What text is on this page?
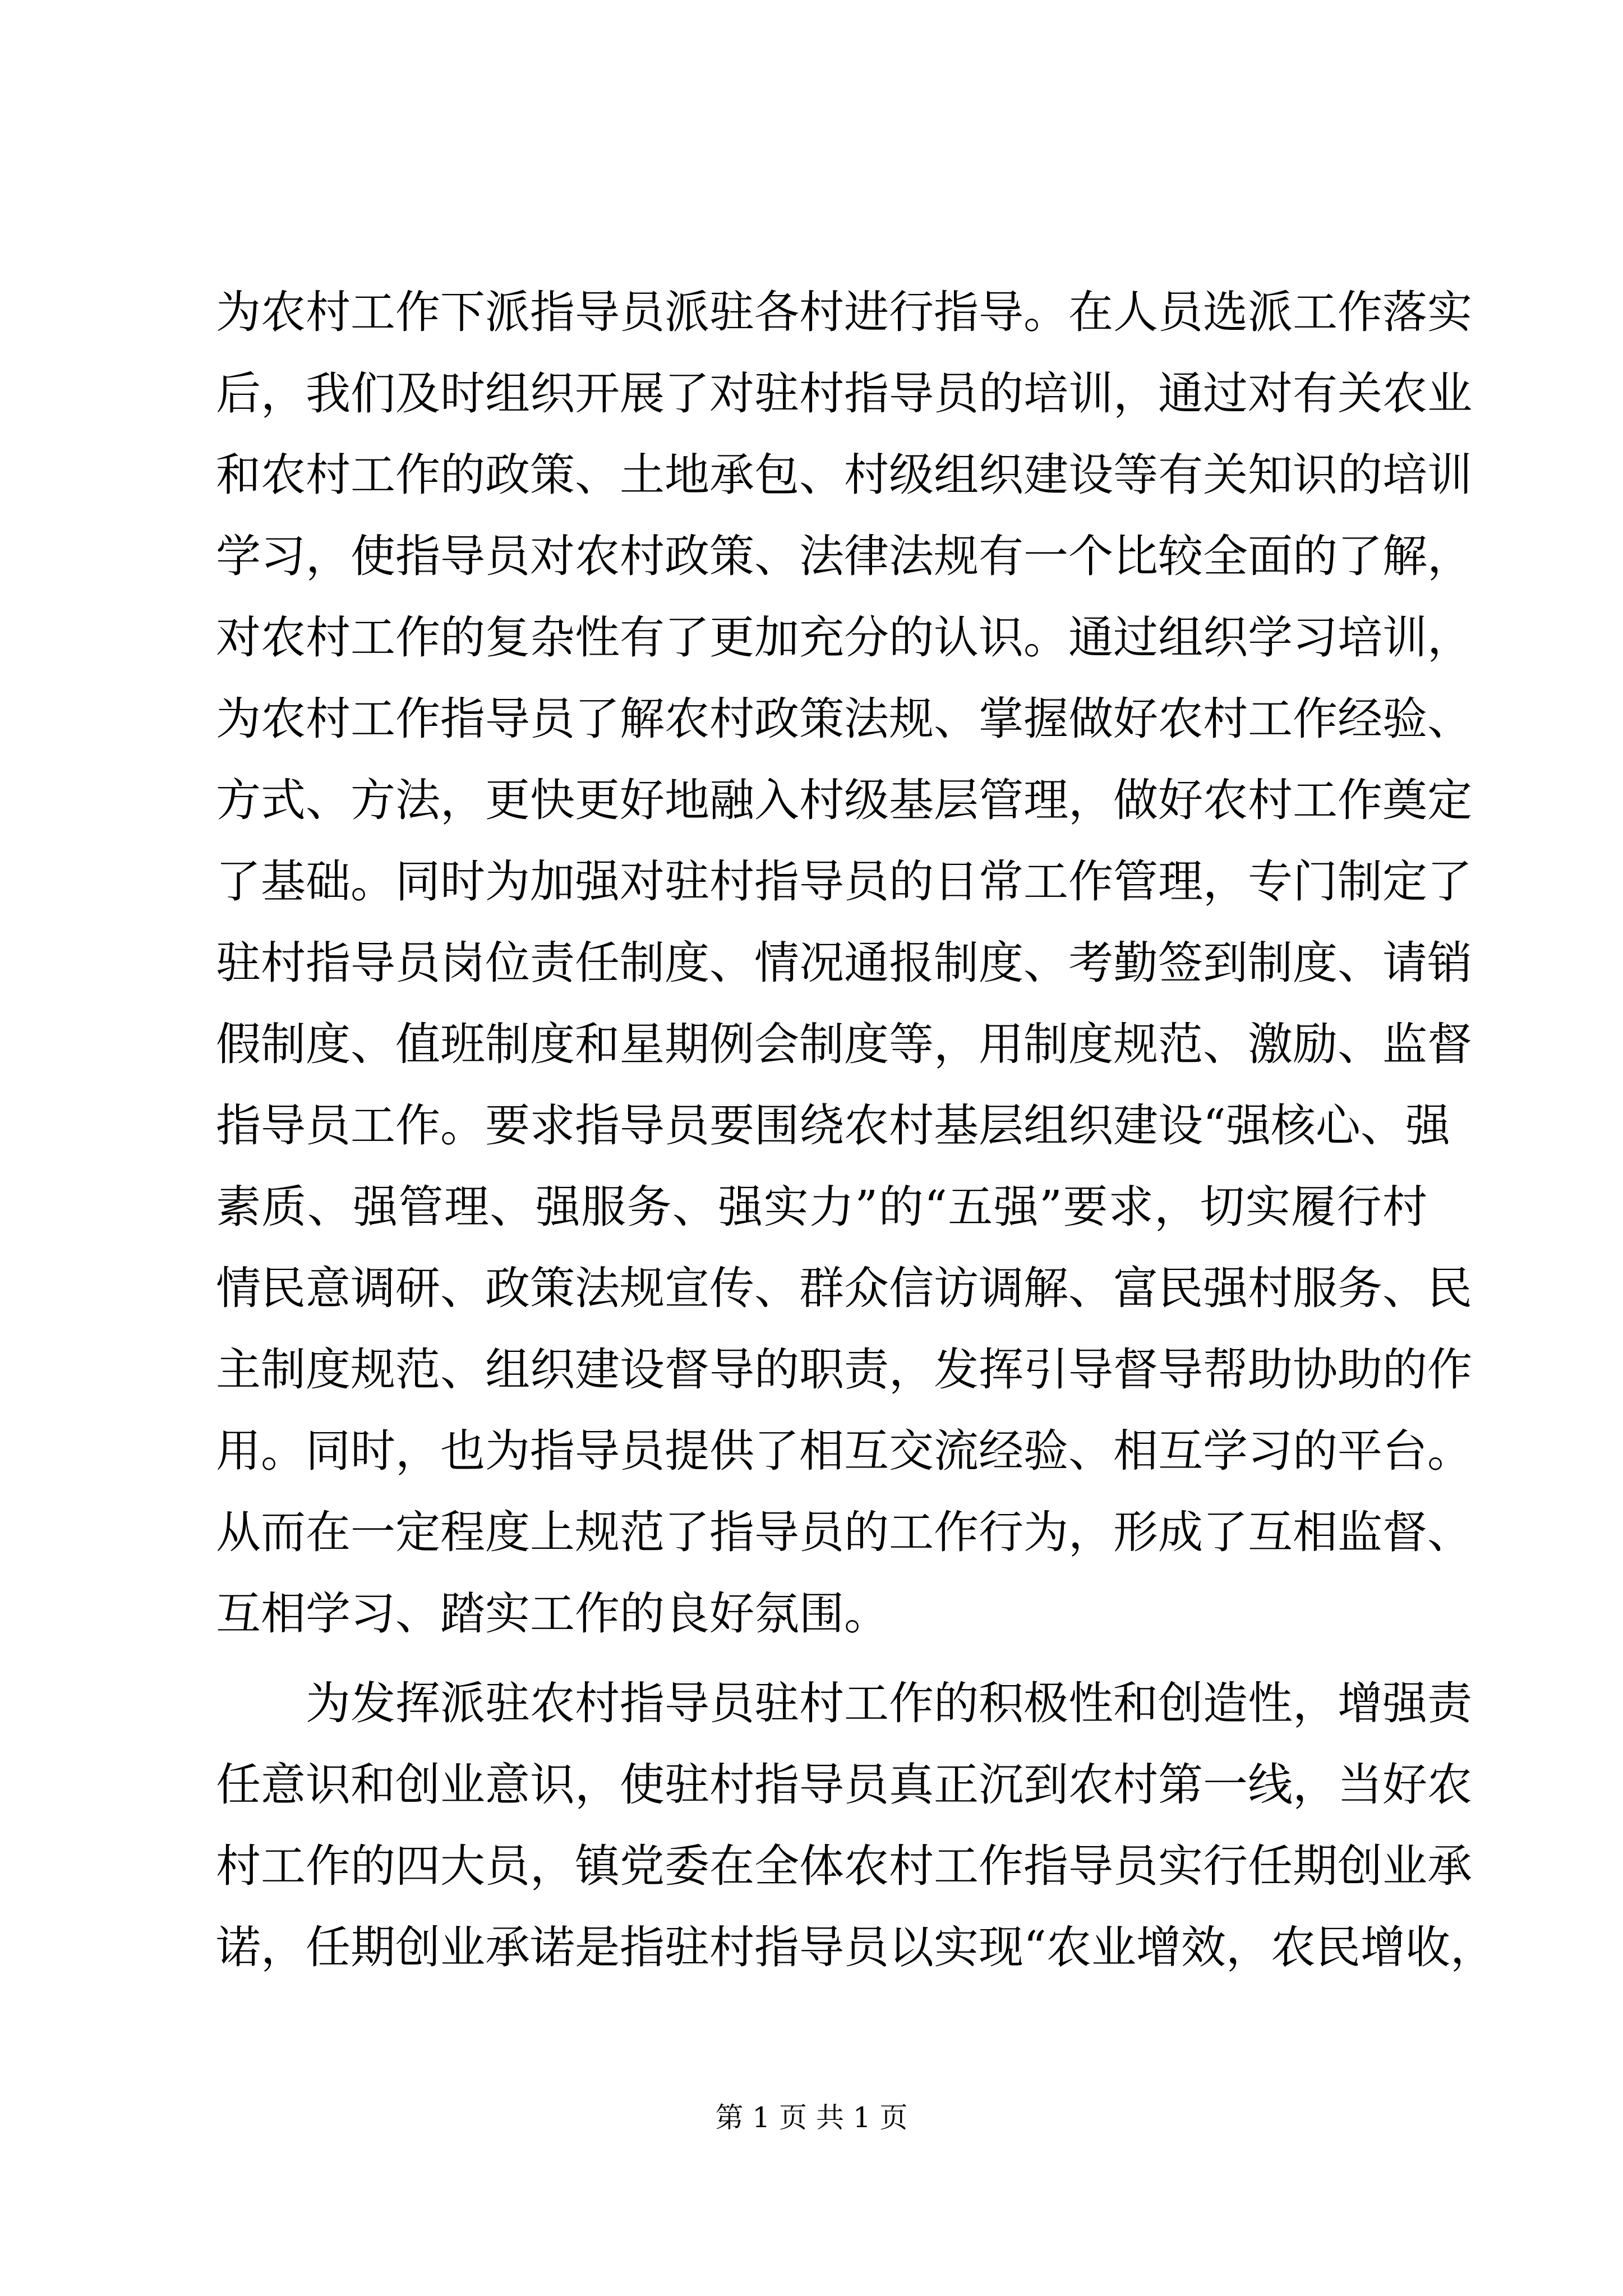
为农村工作下派指导员派驻各村进行指导。在人员选派工作落实
后，我们及时组织开展了对驻村指导员的培训，通过对有关农业
和农村工作的政策、土地承包、村级组织建设等有关知识的培训
学习，使指导员对农村政策、法律法规有一个比较全面的了解，
对农村工作的复杂性有了更加充分的认识。通过组织学习培训，
为农村工作指导员了解农村政策法规、掌握做好农村工作经验、
方式、方法，更快更好地融入村级基层管理，做好农村工作奠定
了基础。同时为加强对驻村指导员的日常工作管理，专门制定了
驻村指导员岗位责任制度、情况通报制度、考勤签到制度、请销
假制度、值班制度和星期例会制度等，用制度规范、激励、监督
指导员工作。要求指导员要围绕农村基层组织建设“强核心、强
素质、强管理、强服务、强实力”的“五强”要求，切实履行村
情民意调研、政策法规宣传、群众信访调解、富民强村服务、民
主制度规范、组织建设督导的职责，发挥引导督导帮助协助的作
用。同时，也为指导员提供了相互交流经验、相互学习的平台。
从而在一定程度上规范了指导员的工作行为，形成了互相监督、
互相学习、踏实工作的良好氛围。
为发挥派驻农村指导员驻村工作的积极性和创造性，增强责
任意识和创业意识，使驻村指导员真正沉到农村第一线，当好农
村工作的四大员，镇党委在全体农村工作指导员实行任期创业承
诺，任期创业承诺是指驻村指导员以实现“农业增效，农民增收，
第 1 页 共 1 页
